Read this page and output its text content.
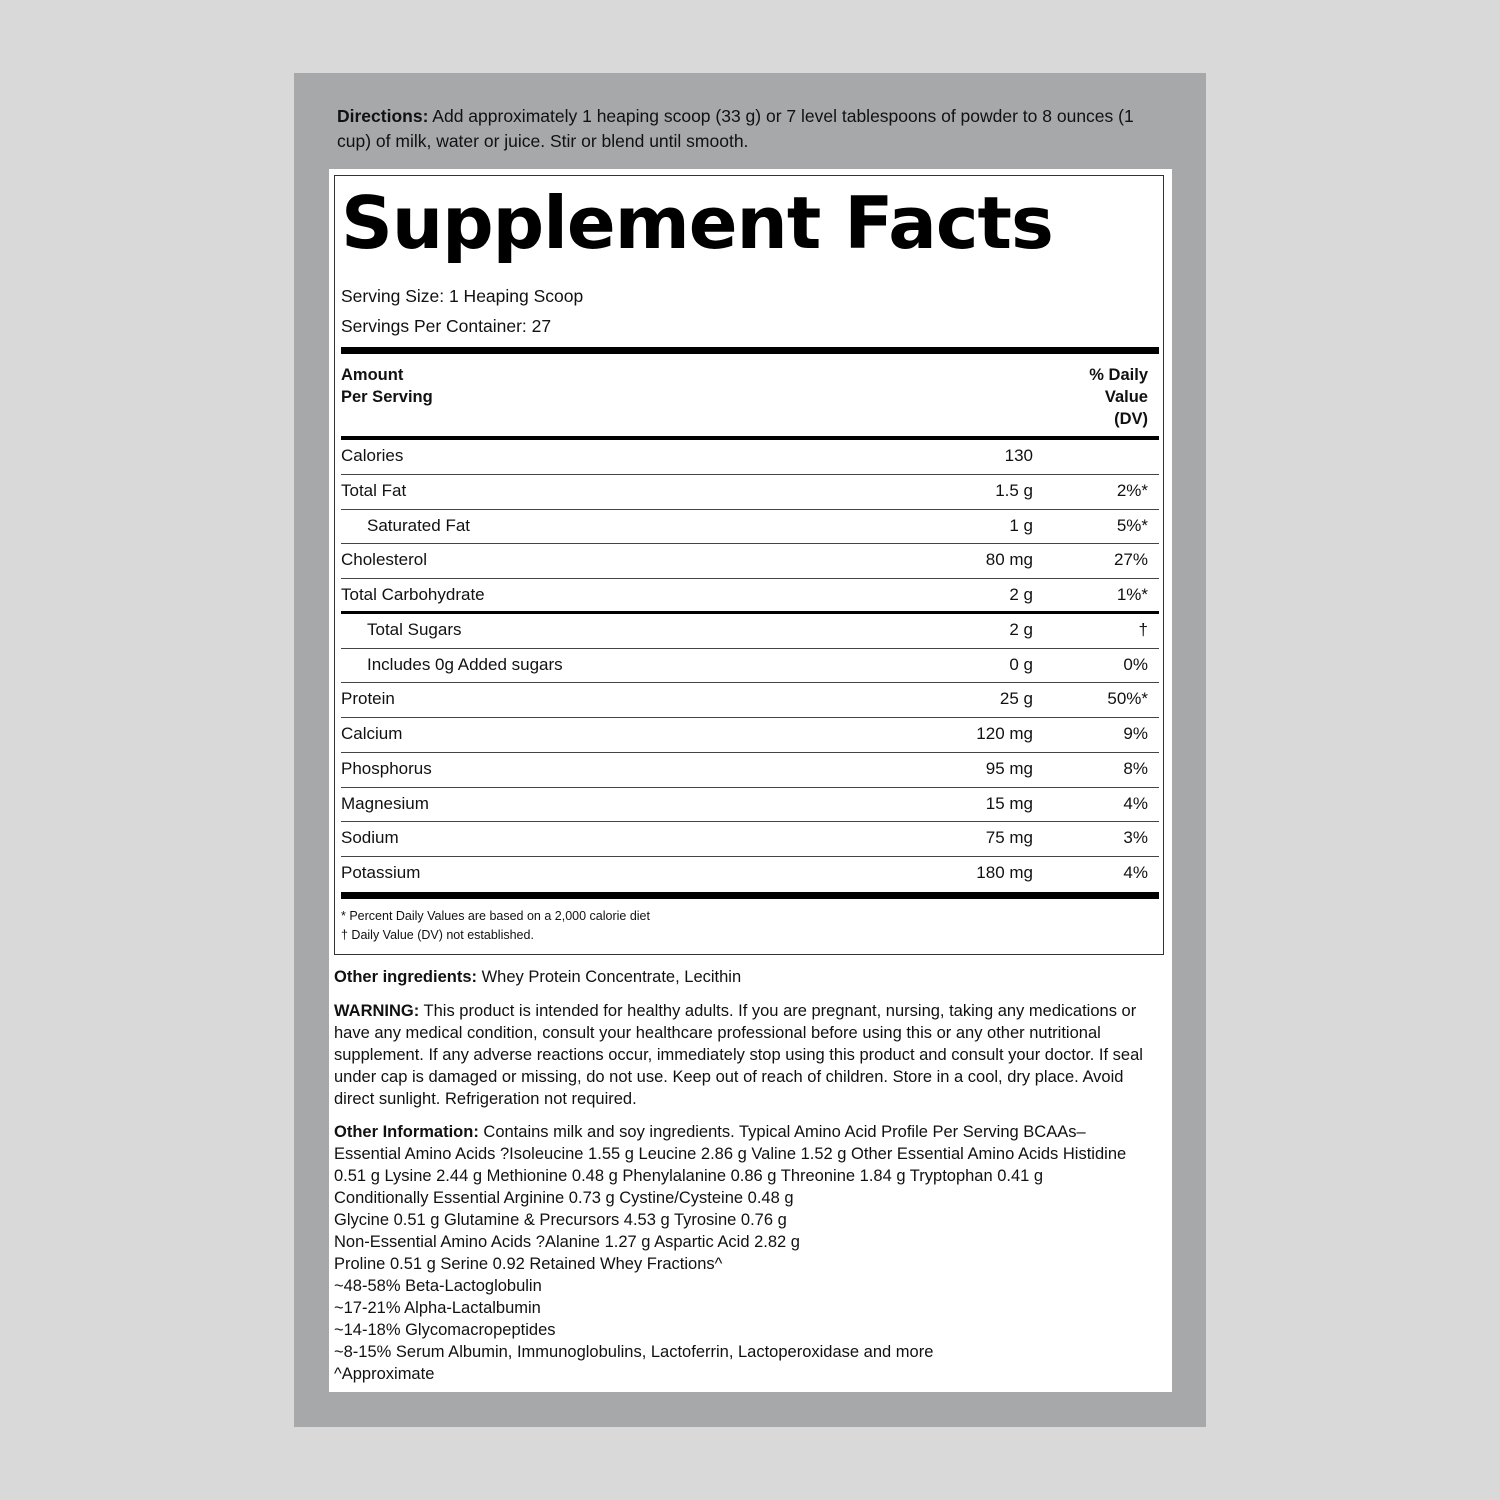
Directions: Add approximately 1 heaping scoop (33 g) or 7 level tablespoons of powder to 8 ounces (1 cup) of milk, water or juice. Stir or blend until smooth.
Supplement Facts
Serving Size: 1 Heaping Scoop
Servings Per Container: 27
Amount
Per Serving
% Daily
Value
(DV)
Calories	130
Total Fat	1.5 g	2%*
Saturated Fat	1 g	5%*
Cholesterol	80 mg	27%
Total Carbohydrate	2 g	1%*
Total Sugars	2 g	†
Includes 0g Added sugars	0 g	0%
Protein	25 g	50%*
Calcium	120 mg	9%
Phosphorus	95 mg	8%
Magnesium	15 mg	4%
Sodium	75 mg	3%
Potassium	180 mg	4%
* Percent Daily Values are based on a 2,000 calorie diet
† Daily Value (DV) not established.
Other ingredients: Whey Protein Concentrate, Lecithin
WARNING: This product is intended for healthy adults. If you are pregnant, nursing, taking any medications or have any medical condition, consult your healthcare professional before using this or any other nutritional supplement. If any adverse reactions occur, immediately stop using this product and consult your doctor. If seal under cap is damaged or missing, do not use. Keep out of reach of children. Store in a cool, dry place. Avoid direct sunlight. Refrigeration not required.
Other Information: Contains milk and soy ingredients. Typical Amino Acid Profile Per Serving BCAAs–Essential Amino Acids ?Isoleucine 1.55 g Leucine 2.86 g Valine 1.52 g Other Essential Amino Acids Histidine 0.51 g Lysine 2.44 g Methionine 0.48 g Phenylalanine 0.86 g Threonine 1.84 g Tryptophan 0.41 g
Conditionally Essential Arginine 0.73 g Cystine/Cysteine 0.48 g
Glycine 0.51 g Glutamine & Precursors 4.53 g Tyrosine 0.76 g
Non-Essential Amino Acids ?Alanine 1.27 g Aspartic Acid 2.82 g
Proline 0.51 g Serine 0.92 Retained Whey Fractions^
~48-58% Beta-Lactoglobulin
~17-21% Alpha-Lactalbumin
~14-18% Glycomacropeptides
~8-15% Serum Albumin, Immunoglobulins, Lactoferrin, Lactoperoxidase and more
^Approximate
